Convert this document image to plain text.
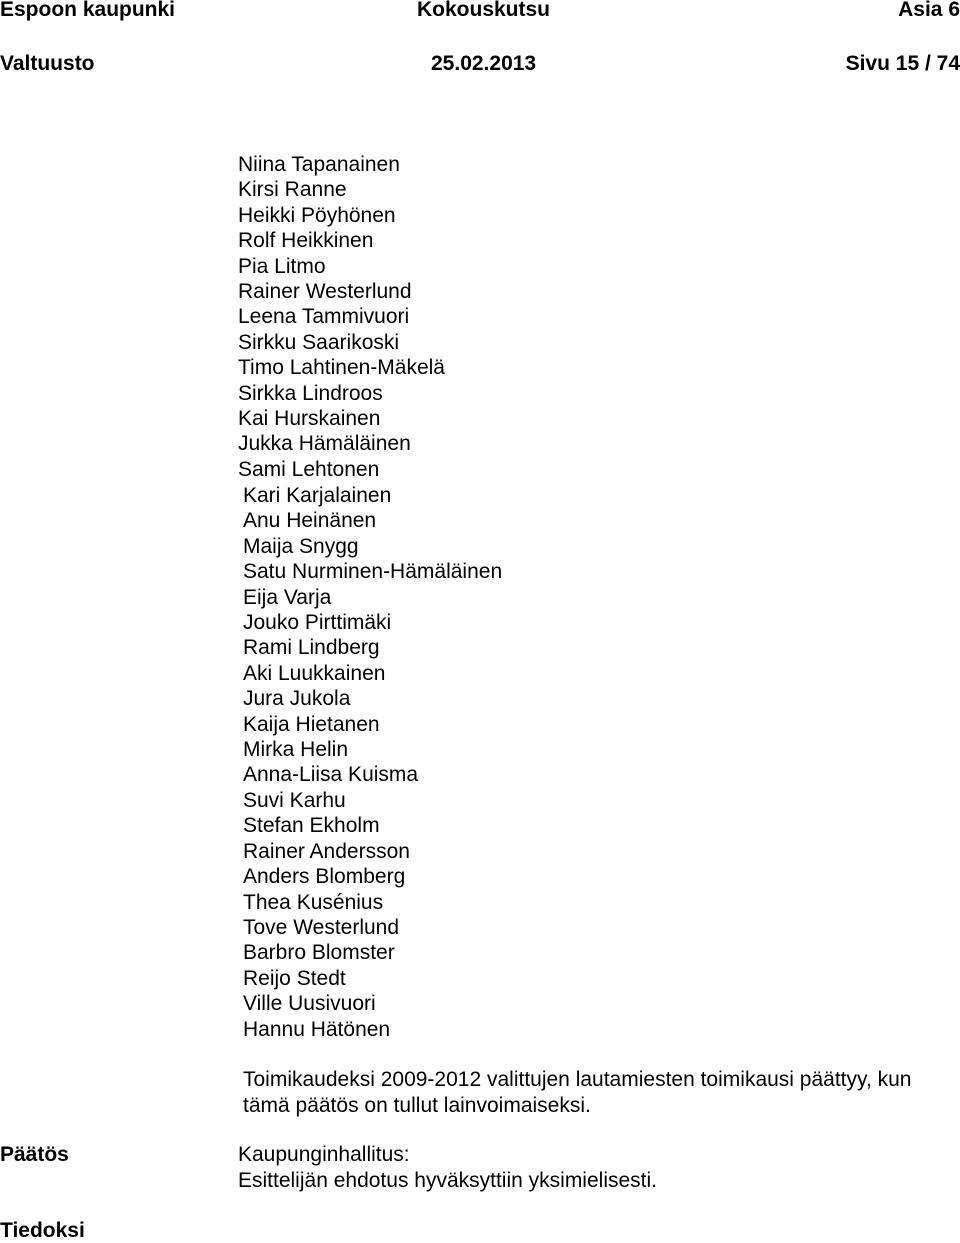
Espoon kaupunki	Kokouskutsu	Asia 6
Valtuusto	25.02.2013	Sivu 15 / 74
Niina Tapanainen
Kirsi Ranne
Heikki Pöyhönen
Rolf Heikkinen
Pia Litmo
Rainer Westerlund
Leena Tammivuori
Sirkku Saarikoski
Timo Lahtinen-Mäkelä
Sirkka Lindroos
Kai Hurskainen
Jukka Hämäläinen
Sami Lehtonen
Kari Karjalainen
Anu Heinänen
Maija Snygg
Satu Nurminen-Hämäläinen
Eija Varja
Jouko Pirttimäki
Rami Lindberg
Aki Luukkainen
Jura Jukola
Kaija Hietanen
Mirka Helin
Anna-Liisa Kuisma
Suvi Karhu
Stefan Ekholm
Rainer Andersson
Anders Blomberg
Thea Kusénius
Tove Westerlund
Barbro Blomster
Reijo Stedt
Ville Uusivuori
Hannu Hätönen
Toimikaudeksi 2009-2012 valittujen lautamiesten toimikausi päättyy, kun
tämä päätös on tullut lainvoimaiseksi.
Päätös	Kaupunginhallitus:
Esittelijän ehdotus hyväksyttiin yksimielisesti.
Tiedoksi
